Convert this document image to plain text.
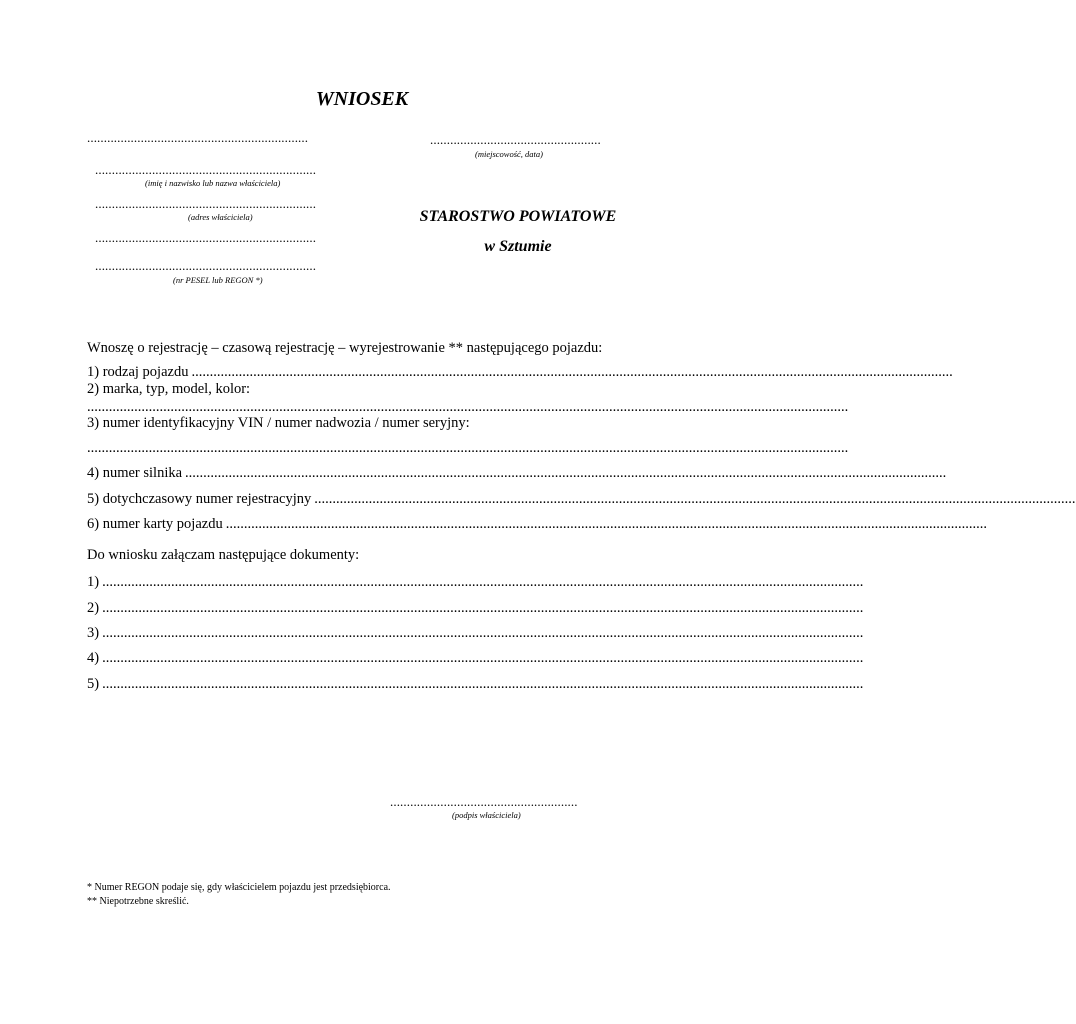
WNIOSEK
..................................................................
..................................................................
(imię i nazwisko lub nazwa właściciela)
..................................................................
(adres właściciela)
..................................................................
..................................................................
(nr PESEL lub REGON *)
...................................................
(miejscowość, data)
STAROSTWO POWIATOWE
w Sztumie
Wnoszę o rejestrację – czasową rejestrację – wyrejestrowanie ** następującego pojazdu:
1) rodzaj pojazdu ..................................................................................................................................................................................................................
2) marka, typ, model, kolor:
..................................................................................................................................................................................................................
3) numer identyfikacyjny VIN / numer nadwozia / numer seryjny:
..................................................................................................................................................................................................................
4) numer silnika ..................................................................................................................................................................................................................
5) dotychczasowy numer rejestracyjny ..................................................................................................................................................................................................................
6) numer karty pojazdu ..................................................................................................................................................................................................................
Do wniosku załączam następujące dokumenty:
1) ..................................................................................................................................................................................................................
2) ..................................................................................................................................................................................................................
3) ..................................................................................................................................................................................................................
4) ..................................................................................................................................................................................................................
5) ..................................................................................................................................................................................................................
........................................................
(podpis właściciela)
* Numer REGON podaje się, gdy właścicielem pojazdu jest przedsiębiorca.
** Niepotrzebne skreślić.
